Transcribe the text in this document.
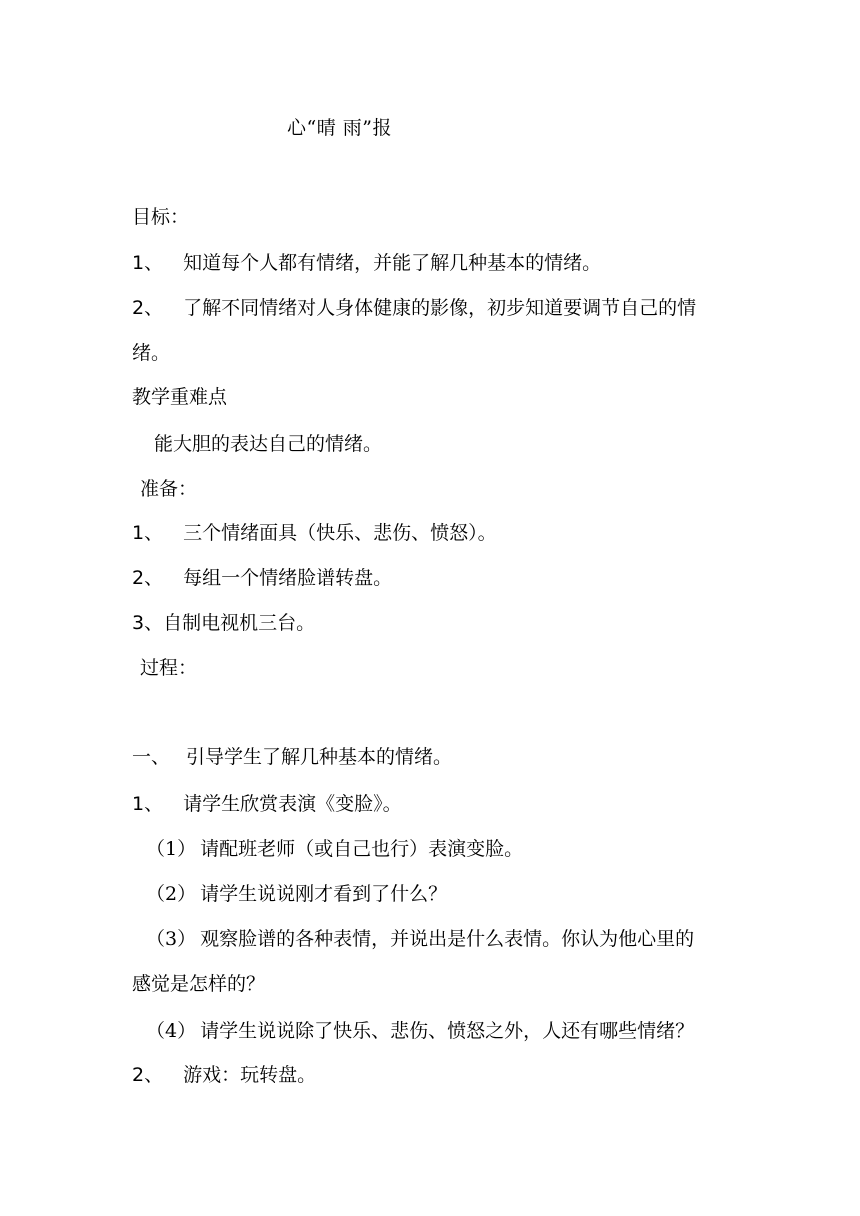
心“晴 雨”报
目标：
1、 知道每个人都有情绪，并能了解几种基本的情绪。
2、 了解不同情绪对人身体健康的影像，初步知道要调节自己的情
绪。
教学重难点
能大胆的表达自己的情绪。
准备：
1、 三个情绪面具（快乐、悲伤、愤怒）。
2、 每组一个情绪脸谱转盘。
3、自制电视机三台。
过程：
一、 引导学生了解几种基本的情绪。
1、 请学生欣赏表演《变脸》。
（1） 请配班老师（或自己也行）表演变脸。
（2） 请学生说说刚才看到了什么？
（3） 观察脸谱的各种表情，并说出是什么表情。你认为他心里的
感觉是怎样的？
（4） 请学生说说除了快乐、悲伤、愤怒之外，人还有哪些情绪？
2、 游戏：玩转盘。
